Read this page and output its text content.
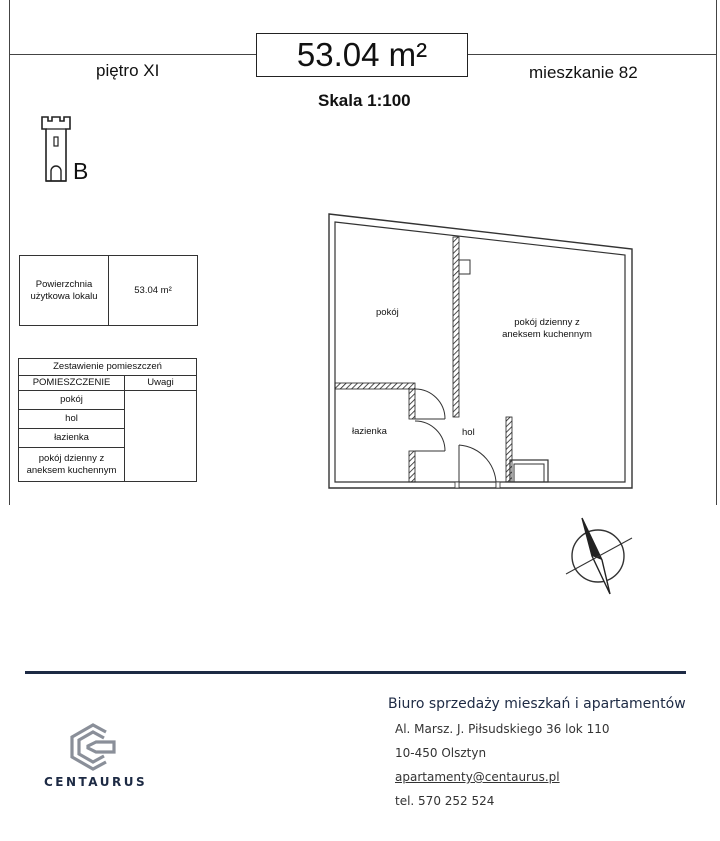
53.04 m²
piętro XI	mieszkanie 82
Skala 1:100
B
Powierzchnia użytkowa lokalu	53.04 m²
Zestawienie pomieszczeń
POMIESZCZENIE	Uwagi
pokój
hol
łazienka
pokój dzienny z aneksem kuchennym
pokój
pokój dzienny z aneksem kuchennym
łazienka	hol
Biuro sprzedaży mieszkań i apartamentów
Al. Marsz. J. Piłsudskiego 36 lok 110
10-450 Olsztyn
apartamenty@centaurus.pl
tel. 570 252 524
CENTAURUS
